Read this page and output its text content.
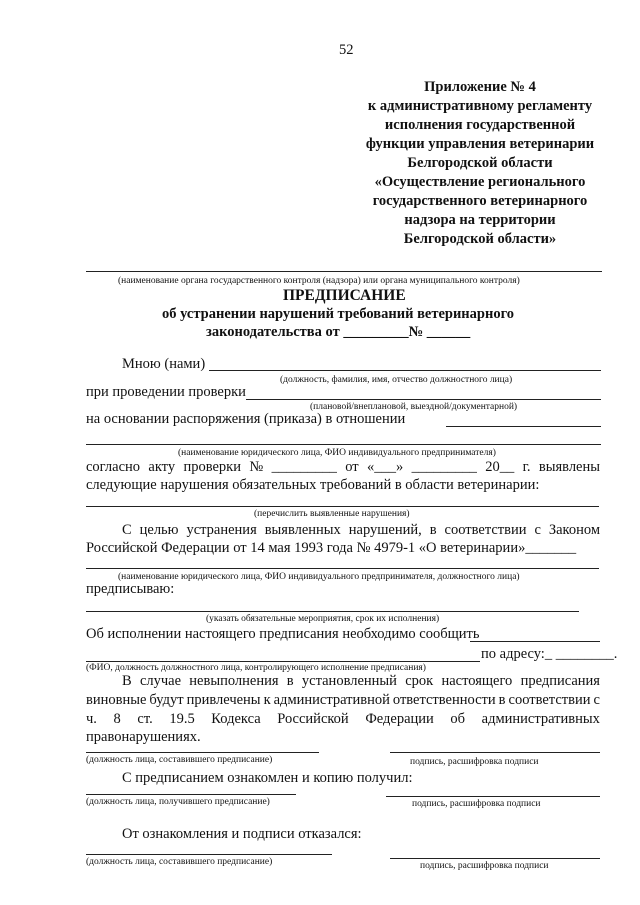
52
Приложение № 4
к административному регламенту
исполнения государственной
функции управления ветеринарии
Белгородской области
«Осуществление регионального
государственного ветеринарного
надзора на территории
Белгородской области»
(наименование органа государственного контроля (надзора) или органа муниципального контроля)
ПРЕДПИСАНИЕ
об устранении нарушений требований ветеринарного
законодательства от _________№ ______
Мною (нами)
(должность, фамилия, имя, отчество должностного лица)
при проведении проверки
(плановой/внеплановой, выездной/документарной)
на основании распоряжения (приказа) в отношении
(наименование юридического лица, ФИО индивидуального предпринимателя)
согласно акту проверки № _________ от «___» _________ 20__ г. выявлены
следующие нарушения обязательных требований в области ветеринарии:
(перечислить выявленные нарушения)
С целью устранения выявленных нарушений, в соответствии с Законом
Российской Федерации от 14 мая 1993 года № 4979-1 «О ветеринарии»_______
(наименование юридического лица, ФИО индивидуального предпринимателя, должностного лица)
предписываю:
(указать обязательные мероприятия, срок их исполнения)
Об исполнении настоящего предписания необходимо сообщить
по адресу:_ ________.
(ФИО, должность должностного лица, контролирующего исполнение предписания)
В случае невыполнения в установленный срок настоящего предписания
виновные будут привлечены к административной ответственности в соответствии с
ч. 8 ст. 19.5 Кодекса Российской Федерации об административных
правонарушениях.
(должность лица, составившего предписание)	подпись, расшифровка подписи
С предписанием ознакомлен и копию получил:
(должность лица, получившего предписание)	подпись, расшифровка подписи
От ознакомления и подписи отказался:
(должность лица, составившего предписание)	подпись, расшифровка подписи
